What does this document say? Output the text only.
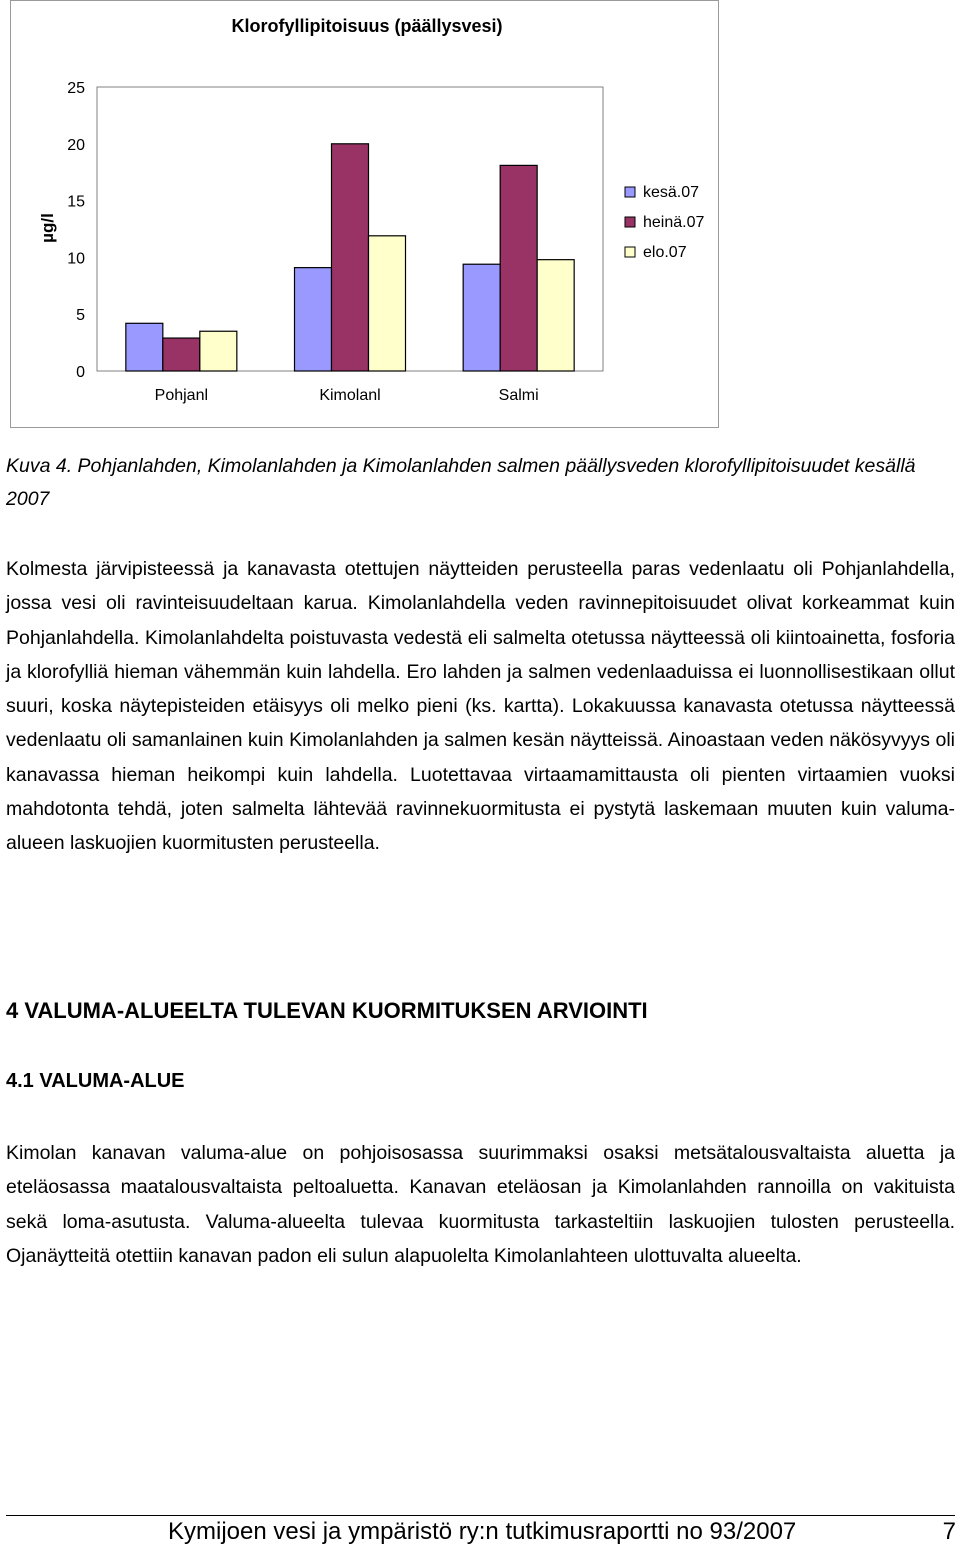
Klorofyllipitoisuus (päällysvesi)
0
5
10
15
20
25
µg/l
Pohjanl	Kimolanl	Salmi
kesä.07
heinä.07
elo.07
Kuva 4. Pohjanlahden, Kimolanlahden ja Kimolanlahden salmen päällysveden klorofyllipitoisuudet kesällä 2007
Kolmesta järvipisteessä ja kanavasta otettujen näytteiden perusteella paras vedenlaatu oli Pohjanlahdella, jossa vesi oli ravinteisuudeltaan karua. Kimolanlahdella veden ravinnepitoisuudet olivat korkeammat kuin Pohjanlahdella. Kimolanlahdelta poistuvasta vedestä eli salmelta otetussa näytteessä oli kiintoainetta, fosforia ja klorofylliä hieman vähemmän kuin lahdella. Ero lahden ja salmen vedenlaaduissa ei luonnollisestikaan ollut suuri, koska näytepisteiden etäisyys oli melko pieni (ks. kartta). Lokakuussa kanavasta otetussa näytteessä vedenlaatu oli samanlainen kuin Kimolanlahden ja salmen kesän näytteissä. Ainoastaan veden näkösyvyys oli kanavassa hieman heikompi kuin lahdella. Luotettavaa virtaamamittausta oli pienten virtaamien vuoksi mahdotonta tehdä, joten salmelta lähtevää ravinnekuormitusta ei pystytä laskemaan muuten kuin valuma-alueen laskuojien kuormitusten perusteella.
4 VALUMA-ALUEELTA TULEVAN KUORMITUKSEN ARVIOINTI
4.1 VALUMA-ALUE
Kimolan kanavan valuma-alue on pohjoisosassa suurimmaksi osaksi metsätalousvaltaista aluetta ja eteläosassa maatalousvaltaista peltoaluetta. Kanavan eteläosan ja Kimolanlahden rannoilla on vakituista sekä loma-asutusta. Valuma-alueelta tulevaa kuormitusta tarkasteltiin laskuojien tulosten perusteella. Ojanäytteitä otettiin kanavan padon eli sulun alapuolelta Kimolanlahteen ulottuvalta alueelta.
Kymijoen vesi ja ympäristö ry:n tutkimusraportti no 93/2007	7
